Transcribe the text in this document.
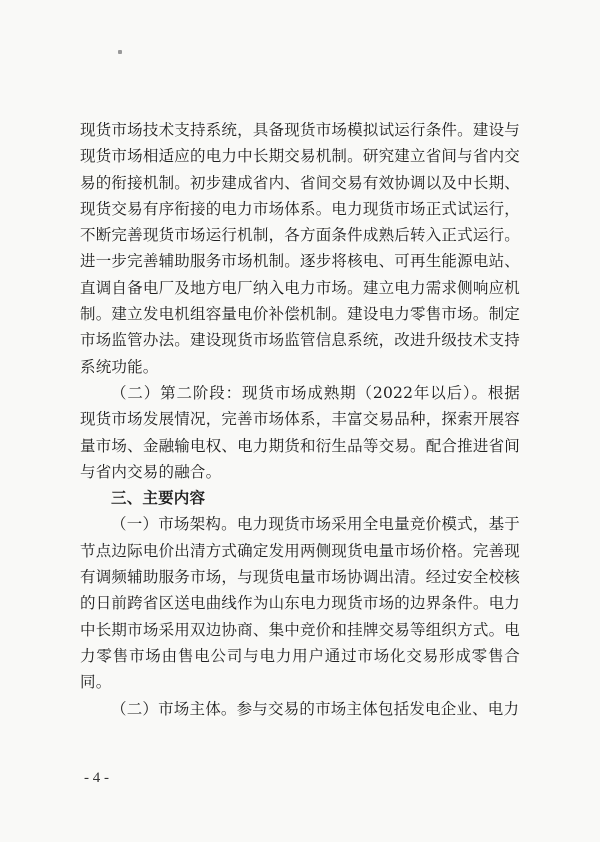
现货市场技术支持系统，具备现货市场模拟试运行条件。建设与现货市场相适应的电力中长期交易机制。研究建立省间与省内交易的衔接机制。初步建成省内、省间交易有效协调以及中长期、现货交易有序衔接的电力市场体系。电力现货市场正式试运行，不断完善现货市场运行机制，各方面条件成熟后转入正式运行。进一步完善辅助服务市场机制。逐步将核电、可再生能源电站、直调自备电厂及地方电厂纳入电力市场。建立电力需求侧响应机制。建立发电机组容量电价补偿机制。建设电力零售市场。制定市场监管办法。建设现货市场监管信息系统，改进升级技术支持系统功能。

（二）第二阶段：现货市场成熟期（2022年以后）。根据现货市场发展情况，完善市场体系，丰富交易品种，探索开展容量市场、金融输电权、电力期货和衍生品等交易。配合推进省间与省内交易的融合。

三、主要内容

（一）市场架构。电力现货市场采用全电量竞价模式，基于节点边际电价出清方式确定发用两侧现货电量市场价格。完善现有调频辅助服务市场，与现货电量市场协调出清。经过安全校核的日前跨省区送电曲线作为山东电力现货市场的边界条件。电力中长期市场采用双边协商、集中竞价和挂牌交易等组织方式。电力零售市场由售电公司与电力用户通过市场化交易形成零售合同。

（二）市场主体。参与交易的市场主体包括发电企业、电力

- 4 -
